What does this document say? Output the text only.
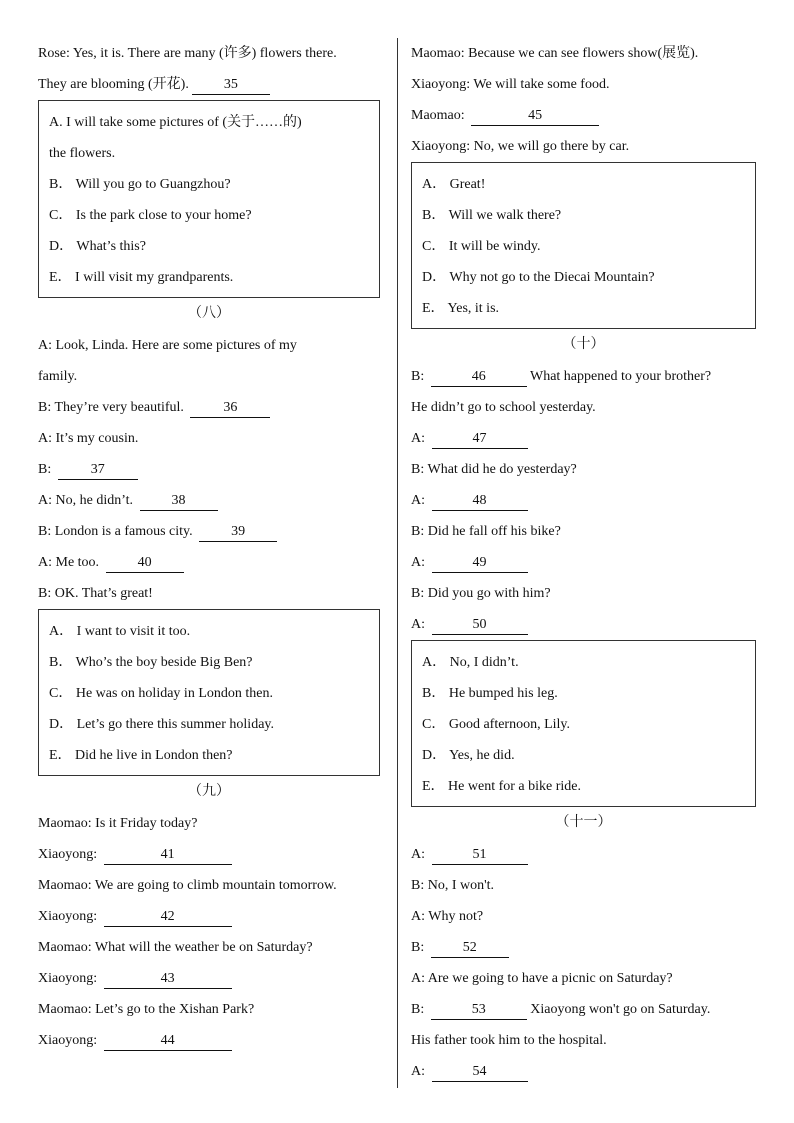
Rose: Yes, it is. There are many (许多) flowers there.
They are blooming (开花).	35
A. I will take some pictures of (关于……的)
the flowers.
B． Will you go to Guangzhou?
C． Is the park close to your home?
D． What’s this?
E． I will visit my grandparents.
（八）
A: Look, Linda. Here are some pictures of my
family.
B: They’re very beautiful.	36
A: It’s my cousin.
B:	37
A: No, he didn’t.	38
B: London is a famous city.	39
A: Me too.	40
B: OK. That’s great!
A． I want to visit it too.
B． Who’s the boy beside Big Ben?
C． He was on holiday in London then.
D． Let’s go there this summer holiday.
E． Did he live in London then?
（九）
Maomao: Is it Friday today?
Xiaoyong:	41
Maomao: We are going to climb mountain tomorrow.
Xiaoyong:	42
Maomao: What will the weather be on Saturday?
Xiaoyong:	43
Maomao: Let’s go to the Xishan Park?
Xiaoyong:	44
Maomao: Because we can see flowers show(展览).
Xiaoyong: We will take some food.
Maomao:	45
Xiaoyong: No, we will go there by car.
A． Great!
B． Will we walk there?
C． It will be windy.
D． Why not go to the Diecai Mountain?
E． Yes, it is.
（十）
B:	46	What happened to your brother?
He didn’t go to school yesterday.
A:	47
B: What did he do yesterday?
A:	48
B: Did he fall off his bike?
A:	49
B: Did you go with him?
A:	50
A． No, I didn’t.
B． He bumped his leg.
C． Good afternoon, Lily.
D． Yes, he did.
E． He went for a bike ride.
（十一）
A:	51
B: No, I won't.
A: Why not?
B:	52
A: Are we going to have a picnic on Saturday?
B:	53	Xiaoyong won't go on Saturday.
His father took him to the hospital.
A:	54
